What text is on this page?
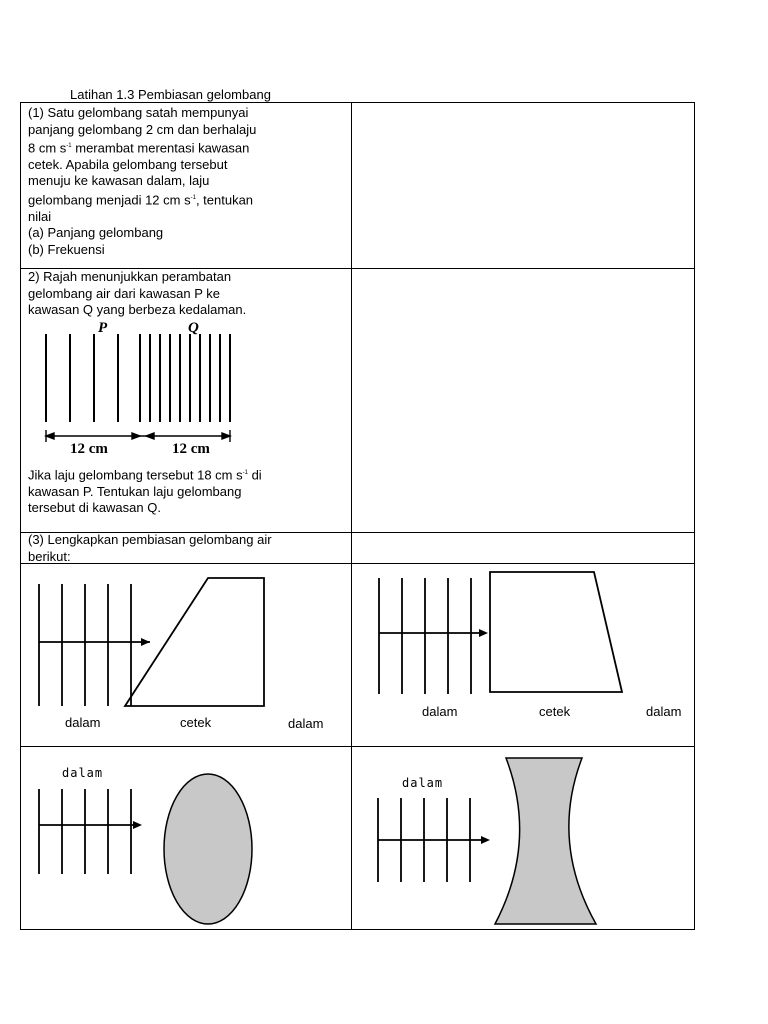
Latihan 1.3 Pembiasan gelombang
(1) Satu gelombang satah mempunyai
panjang gelombang 2 cm dan berhalaju
8 cm $s^{-1}$ merambat merentasi kawasan
cetek. Apabila gelombang tersebut
menuju ke kawasan dalam, laju
gelombang menjadi 12 cm $s^{-1}$, tentukan
nilai
(a) Panjang gelombang
(b) Frekuensi
2) Rajah menunjukkan perambatan
gelombang air dari kawasan P ke
kawasan Q yang berbeza kedalaman.
P	Q
12 cm	12 cm
Jika laju gelombang tersebut 18 cm $s^{-1}$ di
kawasan P. Tentukan laju gelombang
tersebut di kawasan Q.
(3) Lengkapkan pembiasan gelombang air
berikut:
dalam	cetek	dalam
dalam	cetek	dalam
dalam
dalam
